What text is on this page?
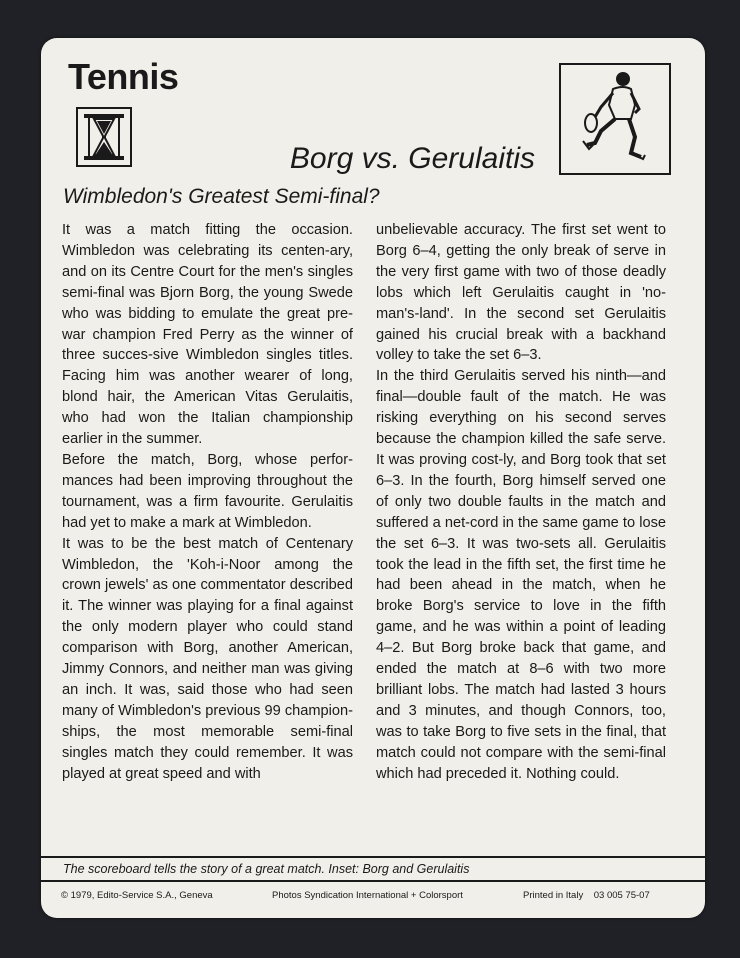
Tennis
Borg vs. Gerulaitis
Wimbledon's Greatest Semi-final?

It was a match fitting the occasion. Wimbledon was celebrating its centen-ary, and on its Centre Court for the men's singles semi-final was Bjorn Borg, the young Swede who was bidding to emulate the great pre-war champion Fred Perry as the winner of three succes-sive Wimbledon singles titles. Facing him was another wearer of long, blond hair, the American Vitas Gerulaitis, who had won the Italian championship earlier in the summer.

Before the match, Borg, whose perfor-mances had been improving throughout the tournament, was a firm favourite. Gerulaitis had yet to make a mark at Wimbledon.

It was to be the best match of Centenary Wimbledon, the 'Koh-i-Noor among the crown jewels' as one commentator described it. The winner was playing for a final against the only modern player who could stand comparison with Borg, another American, Jimmy Connors, and neither man was giving an inch. It was, said those who had seen many of Wimbledon's previous 99 champion-ships, the most memorable semi-final singles match they could remember. It was played at great speed and with

unbelievable accuracy. The first set went to Borg 6–4, getting the only break of serve in the very first game with two of those deadly lobs which left Gerulaitis caught in 'no-man's-land'. In the second set Gerulaitis gained his crucial break with a backhand volley to take the set 6–3.

In the third Gerulaitis served his ninth—and final—double fault of the match. He was risking everything on his second serves because the champion killed the safe serve. It was proving cost-ly, and Borg took that set 6–3. In the fourth, Borg himself served one of only two double faults in the match and suffered a net-cord in the same game to lose the set 6–3. It was two-sets all. Gerulaitis took the lead in the fifth set, the first time he had been ahead in the match, when he broke Borg's service to love in the fifth game, and he was within a point of leading 4–2. But Borg broke back that game, and ended the match at 8–6 with two more brilliant lobs. The match had lasted 3 hours and 3 minutes, and though Connors, too, was to take Borg to five sets in the final, that match could not compare with the semi-final which had preceded it. Nothing could.

The scoreboard tells the story of a great match. Inset: Borg and Gerulaitis
© 1979, Edito-Service S.A., Geneva	Photos Syndication International + Colorsport	Printed in Italy    03 005 75-07
